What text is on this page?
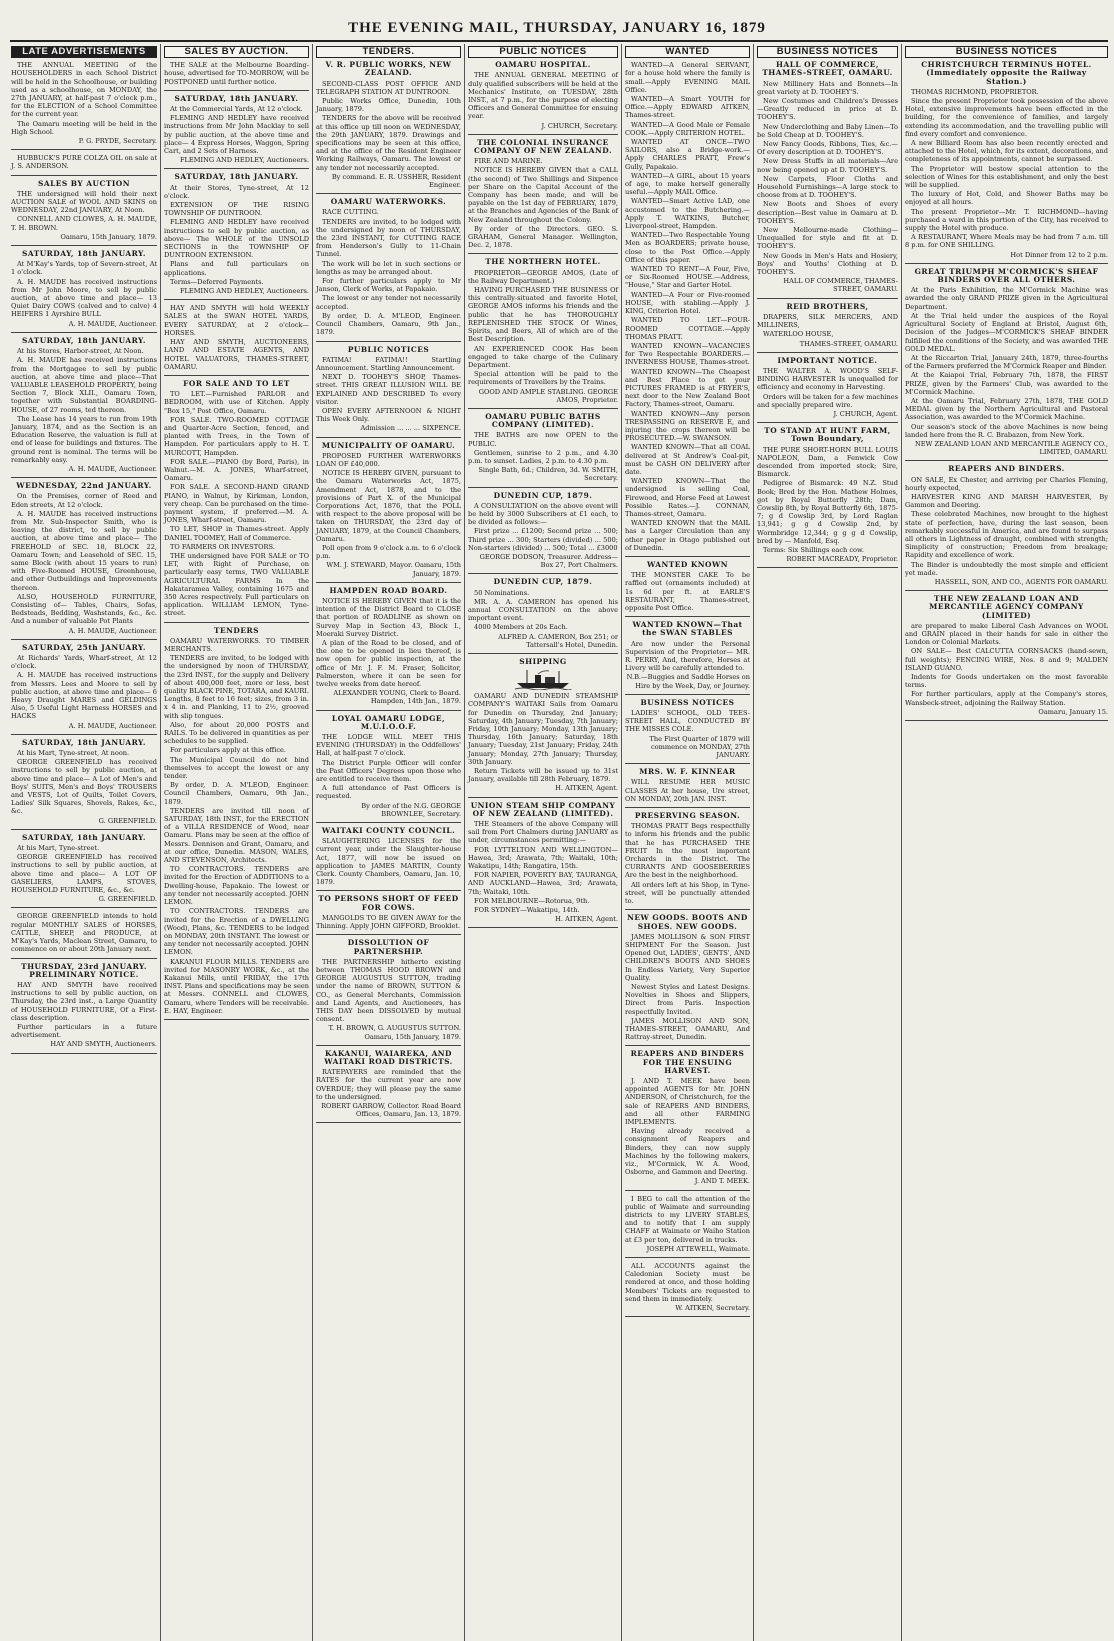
THE EVENING MAIL, THURSDAY, JANUARY 16, 1879
LATE ADVERTISEMENTS

THE ANNUAL MEETING of the HOUSEHOLDERS in each School District will be held in the Schoolhouse, or building used as a schoolhouse, on MONDAY, the 27th JANUARY, at half-past 7 o'clock p.m., for the ELECTION of a School Committee for the current year.

The Oamaru meeting will be held in the High School.

P. G. PRYDE, Secretary.

HUBBUCK'S PURE COLZA OIL on sale at J. S. ANDERSON.

SALES BY AUCTION

THE undersigned will hold their next AUCTION SALE of WOOL AND SKINS on WEDNESDAY, 22nd JANUARY, At Noon.

CONNELL AND CLOWES, A. H. MAUDE, T. H. BROWN.

Oamaru, 15th January, 1879.

SATURDAY, 18th JANUARY.

At M'Kay's Yards, top of Severn-street, At 1 o'clock.

A. H. MAUDE has received instructions from Mr John Moore, to sell by public auction, at above time and place— 13 Quiet Dairy COWS (calved and to calve) 4 HEIFERS 1 Ayrshire BULL

A. H. MAUDE, Auctioneer.

SATURDAY, 18th JANUARY.

At his Stores, Harbor-street, At Noon.

A. H. MAUDE has received instructions from the Mortgagee to sell by public auction, at above time and place—That VALUABLE LEASEHOLD PROPERTY, being Section 7, Block XLII., Oamaru Town, together with Substantial BOARDING-HOUSE, of 27 rooms, ted thereon.

The Lease has 14 years to run from 19th January, 1874, and as the Section is an Education Reserve, the valuation is full at end of lease for buildings and fixtures. The ground rent is nominal. The terms will be remarkably easy.

A. H. MAUDE, Auctioneer.

WEDNESDAY, 22nd JANUARY.

On the Premises, corner of Reed and Eden streets, At 12 o'clock.

A. H. MAUDE has received instructions from Mr. Sub-Inspector Smith, who is leaving the district, to sell by public auction, at above time and place— The FREEHOLD of SEC. 18, BLOCK 22, Oamaru Town; and Leasehold of SEC. 15, same Block (with about 15 years to run) with Five-Roomed HOUSE, Greenhouse, and other Outbuildings and Improvements thereon.

ALSO, HOUSEHOLD FURNITURE, Consisting of— Tables, Chairs, Sofas, Bedsteads, Bedding, Washstands, &c., &c. And a number of valuable Pot Plants

A. H. MAUDE, Auctioneer.

SATURDAY, 25th JANUARY.

At Richards' Yards, Wharf-street, At 12 o'clock.

A. H. MAUDE has received instructions from Messrs. Lees and Moore to sell by public auction, at above time and place— 6 Heavy Draught MARES and GELDINGS Also, 5 Useful Light Harness HORSES and HACKS

A. H. MAUDE, Auctioneer.

SATURDAY, 18th JANUARY.

At his Mart, Tyne-street, At noon.

GEORGE GREENFIELD has received instructions to sell by public auction, at above time and place— A Lot of Men's and Boys' SUITS, Men's and Boys' TROUSERS and VESTS, Lot of Quilts, Toilet Covers, Ladies' Silk Squares, Shovels, Rakes, &c., &c.

G. GREENFIELD.

SATURDAY, 18th JANUARY.

At his Mart, Tyne-street.

GEORGE GREENFIELD has received instructions to sell by public auction, at above time and place— A LOT OF GASELIERS, LAMPS, STOVES, HOUSEHOLD FURNITURE, &c., &c.

G. GREENFIELD.

GEORGE GREENFIELD intends to hold regular MONTHLY SALES of HORSES, CATTLE, SHEEP, and PRODUCE, at M'Kay's Yards, Maclean Street, Oamaru, to commence on or about 20th January next.

THURSDAY, 23rd JANUARY. PRELIMINARY NOTICE.

HAY AND SMYTH have received instructions to sell by public auction, on Thursday, the 23rd inst., a Large Quantity of HOUSEHOLD FURNITURE, Of a First-class description.

Further particulars in a future advertisement.

HAY AND SMYTH, Auctioneers.

SALES BY AUCTION.

THE SALE at the Melbourne Boarding-house, advertised for TO-MORROW, will be POSTPONED until further notice.

SATURDAY, 18th JANUARY.

At the Commercial Yards, At 12 o'clock.

FLEMING AND HEDLEY have received instructions from Mr John Macklay to sell by public auction, at the above time and place— 4 Express Horses, Waggon, Spring Cart, and 2 Sets of Harness.

FLEMING AND HEDLEY, Auctioneers.

SATURDAY, 18th JANUARY.

At their Stores, Tyne-street, At 12 o'clock.

EXTENSION OF THE RISING TOWNSHIP OF DUNTROON.

FLEMING AND HEDLEY have received instructions to sell by public auction, as above— The WHOLE of the UNSOLD SECTIONS in the TOWNSHIP OF DUNTROON EXTENSION.

Plans and full particulars on applications.

Terms—Deferred Payments.

FLEMING AND HEDLEY, Auctioneers.

HAY AND SMYTH will hold WEEKLY SALES at the SWAN HOTEL YARDS, EVERY SATURDAY, at 2 o'clock— HORSES.

HAY AND SMYTH, AUCTIONEERS, LAND AND ESTATE AGENTS, AND HOTEL VALUATORS, THAMES-STREET, OAMARU.

FOR SALE AND TO LET

TO LET.—Furnished PARLOR and BEDROOM, with use of Kitchen. Apply "Box 15," Post Office, Oamaru.

FOR SALE. TWO-ROOMED COTTAGE and Quarter-Acre Section, fenced, and planted with Trees, in the Town of Hampden. For particulars apply to H. T. MURCOTT, Hampden.

FOR SALE.—PIANO (by Bord, Paris), in Walnut.—M. A. JONES, Wharf-street, Oamaru.

FOR SALE. A SECOND-HAND GRAND PIANO, in Walnut, by Kirkman, London, very cheap. Can be purchased on the time-payment system, if preferred.—M. A. JONES, Wharf-street, Oamaru.

TO LET, SHOP in Thames-street. Apply DANIEL TOOMEY, Hall of Commerce.

TO FARMERS OR INVESTORS.

THE undersigned have FOR SALE or TO LET, with Right of Purchase, on particularly easy terms, TWO VALUABLE AGRICULTURAL FARMS In the Hakataramea Valley, containing 1675 and 350 Acres respectively. Full particulars on application. WILLIAM LEMON, Tyne-street.

TENDERS

OAMARU WATERWORKS. TO TIMBER MERCHANTS.

TENDERS are invited, to be lodged with the undersigned by noon of THURSDAY, the 23rd INST., for the supply and Delivery of about 400,000 feet, more or less, best quality BLACK PINE, TOTARA, and KAURI. Lengths, 8 feet to 16 feet; sizes, from 3 in. x 4 in. and Planking, 11 to 2½, grooved with slip tongues.

Also, for about 20,000 POSTS and RAILS. To be delivered in quantities as per schedules to be supplied.

For particulars apply at this office.

The Municipal Council do not bind themselves to accept the lowest or any tender.

By order, D. A. M'LEOD, Engineer. Council Chambers, Oamaru, 9th Jan., 1879.

TENDERS are invited till noon of SATURDAY, 18th INST., for the ERECTION of a VILLA RESIDENCE of Wood, near Oamaru. Plans may be seen at the office of Messrs. Dennison and Grant, Oamaru, and at our office, Dunedin. MASON, WALES, AND STEVENSON, Architects.

TO CONTRACTORS. TENDERS are invited for the Erection of ADDITIONS to a Dwelling-house, Papakaio. The lowest or any tender not necessarily accepted. JOHN LEMON.

TO CONTRACTORS. TENDERS are invited for the Erection of a DWELLING (Wood), Plans, &c. TENDERS to be lodged on MONDAY, 20th INSTANT. The lowest or any tender not necessarily accepted. JOHN LEMON.

KAKANUI FLOUR MILLS. TENDERS are invited for MASONRY WORK, &c., at the Kakanui Mills, until FRIDAY, the 17th INST. Plans and specifications may be seen at Messrs. CONNELL and CLOWES, Oamaru, where Tenders will be receivable. E. HAY, Engineer.

TENDERS.
V. R. PUBLIC WORKS, NEW ZEALAND.

SECOND-CLASS POST OFFICE AND TELEGRAPH STATION AT DUNTROON.

Public Works Office, Dunedin, 10th January, 1879.

TENDERS for the above will be received at this office up till noon on WEDNESDAY, the 29th JANUARY, 1879. Drawings and specifications may be seen at this office, and at the office of the Resident Engineer Working Railways, Oamaru. The lowest or any tender not necessarily accepted.

By command. E. R. USSHER, Resident Engineer.

OAMARU WATERWORKS.

RACE CUTTING.

TENDERS are invited, to be lodged with the undersigned by noon of THURSDAY, the 23rd INSTANT, for CUTTING RACE from Henderson's Gully to 11-Chain Tunnel.

The work will be let in such sections or lengths as may be arranged about.

For further particulars apply to Mr Janson, Clerk of Works, at Papakaio.

The lowest or any tender not necessarily accepted.

By order, D. A. M'LEOD, Engineer. Council Chambers, Oamaru, 9th Jan., 1879.

PUBLIC NOTICES

FATIMA! FATIMA!! Startling Announcement. Startling Announcement.

NEXT D. TOOHEY'S SHOP, Thames-street. THIS GREAT ILLUSION WILL BE EXPLAINED AND DESCRIBED To every visitor.

OPEN EVERY AFTERNOON & NIGHT This Week Only.

Admission ... ... ... SIXPENCE.

MUNICIPALITY OF OAMARU.

PROPOSED FURTHER WATERWORKS LOAN OF £40,000.

NOTICE IS HEREBY GIVEN, pursuant to the Oamaru Waterworks Act, 1875, Amendment Act, 1878, and to the provisions of Part X. of the Municipal Corporations Act, 1876, that the POLL with respect to the above proposal will be taken on THURSDAY, the 23rd day of JANUARY, 1879, at the Council Chambers, Oamaru.

Poll open from 9 o'clock a.m. to 6 o'clock p.m.

WM. J. STEWARD, Mayor. Oamaru, 15th January, 1879.

HAMPDEN ROAD BOARD.

NOTICE IS HEREBY GIVEN that it is the intention of the District Board to CLOSE that portion of ROADLINE as shown on Survey Map in Section 43, Block I., Moeraki Survey District.

A plan of the Road to be closed, and of the one to be opened in lieu thereof, is now open for public inspection, at the office of Mr. J. F. M. Fraser, Solicitor, Palmerston, where it can be seen for twelve weeks from date hereof.

ALEXANDER YOUNG, Clerk to Board. Hampden, 14th Jan., 1879.

LOYAL OAMARU LODGE, M.U.I.O.O.F.

THE LODGE WILL MEET THIS EVENING (THURSDAY) in the Oddfellows' Hall, at half-past 7 o'clock.

The District Purple Officer will confer the Past Officers' Degrees upon those who are entitled to receive them.

A full attendance of Past Officers is requested.

By order of the N.G. GEORGE BROWNLEE, Secretary.

WAITAKI COUNTY COUNCIL.

SLAUGHTERING LICENSES for the current year, under the Slaughter-house Act, 1877, will now be issued on application to JAMES MARTIN, County Clerk. County Chambers, Oamaru, Jan. 10, 1879.

TO PERSONS SHORT OF FEED FOR COWS.

MANGOLDS TO BE GIVEN AWAY for the Thinning. Apply JOHN GIFFORD, Brooklet.

DISSOLUTION OF PARTNERSHIP.

THE PARTNERSHIP hitherto existing between THOMAS HOOD BROWN and GEORGE AUGUSTUS SUTTON, trading under the name of BROWN, SUTTON & CO., as General Merchants, Commission and Land Agents, and Auctioneers, has THIS DAY been DISSOLVED by mutual consent.

T. H. BROWN, G. AUGUSTUS SUTTON. Oamaru, 15th January, 1879.

KAKANUI, WAIAREKA, AND WAITAKI ROAD DISTRICTS.

RATEPAYERS are reminded that the RATES for the current year are now OVERDUE; they will please pay the same to the undersigned.

ROBERT GARROW, Collector. Road Board Offices, Oamaru, Jan. 13, 1879.

PUBLIC NOTICES
OAMARU HOSPITAL.

THE ANNUAL GENERAL MEETING of duly qualified subscribers will be held at the Mechanics' Institute, on TUESDAY, 28th INST., at 7 p.m., for the purpose of electing Officers and General Committee for ensuing year.

J. CHURCH, Secretary.

THE COLONIAL INSURANCE COMPANY OF NEW ZEALAND.

FIRE AND MARINE.

NOTICE IS HEREBY GIVEN that a CALL (the second) of Two Shillings and Sixpence per Share on the Capital Account of the Company has been made, and will be payable on the 1st day of FEBRUARY, 1879, at the Branches and Agencies of the Bank of New Zealand throughout the Colony.

By order of the Directors. GEO. S. GRAHAM, General Manager. Wellington, Dec. 2, 1878.

THE NORTHERN HOTEL.

PROPRIETOR—GEORGE AMOS, (Late of the Railway Department.)

HAVING PURCHASED THE BUSINESS Of this centrally-situated and favorite Hotel, GEORGE AMOS informs his friends and the public that he has THOROUGHLY REPLENISHED THE STOCK Of Wines, Spirits, and Beers, All of which are of the Best Description.

AN EXPERIENCED COOK Has been engaged to take charge of the Culinary Department.

Special attention will be paid to the requirements of Travellers by the Trains.

GOOD AND AMPLE STABLING. GEORGE AMOS, Proprietor.

OAMARU PUBLIC BATHS COMPANY (LIMITED).

THE BATHS are now OPEN to the PUBLIC.

Gentlemen, sunrise to 2 p.m., and 4.30 p.m. to sunset. Ladies, 2 p.m. to 4.30 p.m.

Single Bath, 6d.; Children, 3d. W. SMITH, Secretary.

DUNEDIN CUP, 1879.

A CONSULTATION on the above event will be held by 3000 Subscribers at £1 each, to be divided as follows:—

First prize ... £1200; Second prize ... 500; Third prize ... 300; Starters (divided) ... 500; Non-starters (divided) ... 500; Total ... £3000

GEORGE DODSON, Treasurer. Address—Box 27, Port Chalmers.

DUNEDIN CUP, 1879.

50 Nominations.

MR. A. A. CAMERON has opened his annual CONSULTATION on the above important event.

4000 Members at 20s Each.

ALFRED A. CAMERON, Box 251; or Tattersall's Hotel, Dunedin.

SHIPPING

OAMARU AND DUNEDIN STEAMSHIP COMPANY'S WAITAKI Sails from Oamaru for Dunedin on Thursday, 2nd January; Saturday, 4th January; Tuesday, 7th January; Friday, 10th January; Monday, 13th January; Thursday, 16th January; Saturday, 18th January; Tuesday, 21st January; Friday, 24th January; Monday, 27th January; Thursday, 30th January.

Return Tickets will be issued up to 31st January, available till 28th February, 1879.

H. AITKEN, Agent.

UNION STEAM SHIP COMPANY OF NEW ZEALAND (LIMITED).

THE Steamers of the above Company will sail from Port Chalmers during JANUARY as under, circumstances permitting:—

FOR LYTTELTON AND WELLINGTON—Hawea, 3rd; Arawata, 7th; Waitaki, 10th; Wakatipu, 14th; Rangatira, 15th.

FOR NAPIER, POVERTY BAY, TAURANGA, AND AUCKLAND—Hawea, 3rd; Arawata, 7th; Waitaki, 10th.

FOR MELBOURNE—Rotorua, 9th.

FOR SYDNEY—Wakatipu, 14th.

H. AITKEN, Agent.

WANTED

WANTED—A General SERVANT, for a house hold where the family is small.—Apply EVENING MAIL Office.

WANTED—A Smart YOUTH for Office.—Apply EDWARD AITKEN, Thames-street.

WANTED—A Good Male or Female COOK.—Apply CRITERION HOTEL.

WANTED AT ONCE—TWO SAILORS, also a Bridge-work.—Apply CHARLES PRATT, Frew's Gully, Papakaio.

WANTED—A GIRL, about 15 years of age, to make herself generally useful.—Apply MAIL Office.

WANTED—Smart Active LAD, one accustomed to the Butchering.—Apply T. WATKINS, Butcher, Liverpool-street, Hampden.

WANTED—Two Respectable Young Men as BOARDERS; private house, close to the Post Office.—Apply Office of this paper.

WANTED TO RENT—A Four, Five, or Six-Roomed HOUSE.—Address, "House," Star and Garter Hotel.

WANTED—A Four or Five-roomed HOUSE, with stabling.—Apply J. KING, Criterion Hotel.

WANTED TO LET—FOUR-ROOMED COTTAGE.—Apply THOMAS PRATT.

WANTED KNOWN—VACANCIES for Two Respectable BOARDERS.—INVERNESS HOUSE, Thames-street.

WANTED KNOWN—The Cheapest and Best Place to get your PICTURES FRAMED is at FRYER'S, next door to the New Zealand Boot Factory, Thames-street, Oamaru.

WANTED KNOWN—Any person TRESPASSING on RESERVE E, and injuring the crops thereon will be PROSECUTED.—W. SWANSON.

WANTED KNOWN—That all COAL delivered at St Andrew's Coal-pit, must be CASH ON DELIVERY after date.

WANTED KNOWN—That the undersigned is selling Coal, Firewood, and Horse Feed at Lowest Possible Rates.—J. CONNAN, Thames-street, Oamaru.

WANTED KNOWN that the MAIL has a Larger Circulation than any other paper in Otago published out of Dunedin.

WANTED KNOWN

THE MONSTER CAKE To be raffled out (ornaments included) at 1s 6d per ft. at EARLE'S RESTAURANT, Thames-street, opposite Post Office.

WANTED KNOWN—That the SWAN STABLES

Are now under the Personal Supervision of the Proprietor— MR. R. PERRY, And, therefore, Horses at Livery will be carefully attended to.

N.B.—Buggies and Saddle Horses on Hire by the Week, Day, or Journey.

BUSINESS NOTICES

LADIES' SCHOOL, OLD TEES-STREET HALL, CONDUCTED BY THE MISSES COLE.

The First Quarter of 1879 will commence on MONDAY, 27th JANUARY.

MRS. W. F. KINNEAR

WILL RESUME HER MUSIC CLASSES At her house, Ure street, ON MONDAY, 20th JAN. INST.

PRESERVING SEASON.

THOMAS PRATT Begs respectfully to inform his friends and the public that he has PURCHASED THE FRUIT In the most important Orchards in the District. The CURRANTS AND GOOSEBERRIES Are the best in the neighborhood.

All orders left at his Shop, in Tyne-street, will be punctually attended to.

NEW GOODS. BOOTS AND SHOES. NEW GOODS.

JAMES MOLLISON & SON FIRST SHIPMENT For the Season. Just Opened Out, LADIES', GENTS', AND CHILDREN'S BOOTS AND SHOES In Endless Variety, Very Superior Quality.

Newest Styles and Latest Designs. Novelties in Shoes and Slippers, Direct from Paris. Inspection respectfully Invited.

JAMES MOLLISON AND SON, THAMES-STREET, OAMARU, And Rattray-street, Dunedin.

REAPERS AND BINDERS FOR THE ENSUING HARVEST.

J. AND T. MEEK have been appointed AGENTS for Mr. JOHN ANDERSON, of Christchurch, for the sale of REAPERS AND BINDERS, and all other FARMING IMPLEMENTS.

Having already received a consignment of Reapers and Binders, they can now supply Machines by the following makers, viz., M'Cormick, W. A. Wood, Osborne, and Gammon and Deering.

J. AND T. MEEK.

I BEG to call the attention of the public of Waimate and surrounding districts to my LIVERY STABLES, and to notify that I am supply CHAFF at Waimate or Waiho Station at £3 per ton, delivered in trucks.

JOSEPH ATTEWELL, Waimate.

ALL ACCOUNTS against the Caledonian Society must be rendered at once, and those holding Members' Tickets are requested to send them in immediately.

W. AITKEN, Secretary.

BUSINESS NOTICES
HALL OF COMMERCE, THAMES-STREET, OAMARU.

New Millinery Hats and Bonnets—In great variety at D. TOOHEY'S.

New Costumes and Children's Dresses—Greatly reduced in price at D. TOOHEY'S.

New Underclothing and Baby Linen—To be Sold Cheap at D. TOOHEY'S.

New Fancy Goods, Ribbons, Ties, &c.—Of every description at D. TOOHEY'S.

New Dress Stuffs in all materials—Are now being opened up at D. TOOHEY'S.

New Carpets, Floor Cloths and Household Furnishings—A large stock to choose from at D. TOOHEY'S.

New Boots and Shoes of every description—Best value in Oamaru at D. TOOHEY'S.

New Mellourne-made Clothing—Unequalled for style and fit at D. TOOHEY'S.

New Goods in Men's Hats and Hosiery, Boys' and Youths' Clothing at D. TOOHEY'S.

HALL OF COMMERCE, THAMES-STREET, OAMARU.

REID BROTHERS,

DRAPERS, SILK MERCERS, AND MILLINERS,

WATERLOO HOUSE,

THAMES-STREET, OAMARU.

IMPORTANT NOTICE.

THE WALTER A. WOOD'S SELF-BINDING HARVESTER Is unequalled for efficiency and economy in Harvesting.

Orders will be taken for a few machines and specially prepared wire.

J. CHURCH, Agent.

TO STAND AT HUNT FARM, Town Boundary,

THE PURE SHORT-HORN BULL LOUIS NAPOLEON, Dam, a Fenwick Cow descended from imported stock; Sire, Bismarck.

Pedigree of Bismarck: 49 N.Z. Stud Book; Bred by the Hon. Mathew Holmes, got by Royal Butterfly 28th; Dam, Cowslip 8th, by Royal Butterfly 6th, 1875-7; g d Cowslip 3rd, by Lord Raglan 13,941; g g d Cowslip 2nd, by Wormbridge 12,344; g g g d Cowslip, bred by — Manfold, Esq.

Terms: Six Shillings each cow.

ROBERT MACREADY, Proprietor.

BUSINESS NOTICES
CHRISTCHURCH TERMINUS HOTEL. (Immediately opposite the Railway Station.)

THOMAS RICHMOND, PROPRIETOR.

Since the present Proprietor took possession of the above Hotel, extensive improvements have been effected in the building, for the convenience of families, and largely extending its accommodation, and the travelling public will find every comfort and convenience.

A new Billiard Room has also been recently erected and attached to the Hotel, which, for its extent, decorations, and completeness of its appointments, cannot be surpassed.

The Proprietor will bestow special attention to the selection of Wines for this establishment, and only the best will be supplied.

The luxury of Hot, Cold, and Shower Baths may be enjoyed at all hours.

The present Proprietor—Mr. T. RICHMOND—having purchased a ward in this portion of the City, has received to supply the Hotel with produce.

A RESTAURANT, Where Meals may be had from 7 a.m. till 8 p.m. for ONE SHILLING.

Hot Dinner from 12 to 2 p.m.

GREAT TRIUMPH M'CORMICK'S SHEAF BINDERS OVER ALL OTHERS.

At the Paris Exhibition, the M'Cormick Machine was awarded the only GRAND PRIZE given in the Agricultural Department.

At the Trial held under the auspices of the Royal Agricultural Society of England at Bristol, August 6th, Decision of the Judges—M'CORMICK'S SHEAF BINDER fulfilled the conditions of the Society, and was awarded THE GOLD MEDAL.

At the Riccarton Trial, January 24th, 1879, three-fourths of the Farmers preferred the M'Cormick Reaper and Binder.

At the Kaiapoi Trial, February 7th, 1878, the FIRST PRIZE, given by the Farmers' Club, was awarded to the M'Cormick Machine.

At the Oamaru Trial, February 27th, 1878, THE GOLD MEDAL given by the Northern Agricultural and Pastoral Association, was awarded to the M'Cormick Machine.

Our season's stock of the above Machines is now being landed here from the R. C. Brabazon, from New York.

NEW ZEALAND LOAN AND MERCANTILE AGENCY CO., LIMITED, OAMARU.

REAPERS AND BINDERS.

ON SALE, Ex Chester, and arriving per Charles Fleming, hourly expected,

HARVESTER KING AND MARSH HARVESTER, By Gammon and Deering.

These celebrated Machines, now brought to the highest state of perfection, have, during the last season, been remarkably successful in America, and are found to surpass all others in Lightness of draught, combined with strength; Simplicity of construction; Freedom from breakage; Rapidity and excellence of work.

The Binder is undoubtedly the most simple and efficient yet made.

HASSELL, SON, AND CO., AGENTS FOR OAMARU.

THE NEW ZEALAND LOAN AND MERCANTILE AGENCY COMPANY (LIMITED)

are prepared to make Liberal Cash Advances on WOOL and GRAIN placed in their hands for sale in either the London or Colonial Markets.

ON SALE— Best CALCUTTA CORNSACKS (hand-sewn, full weights); FENCING WIRE, Nos. 8 and 9; MALDEN ISLAND GUANO.

Indents for Goods undertaken on the most favorable terms.

For further particulars, apply at the Company's stores, Wansbeck-street, adjoining the Railway Station.

Oamaru, January 15.
